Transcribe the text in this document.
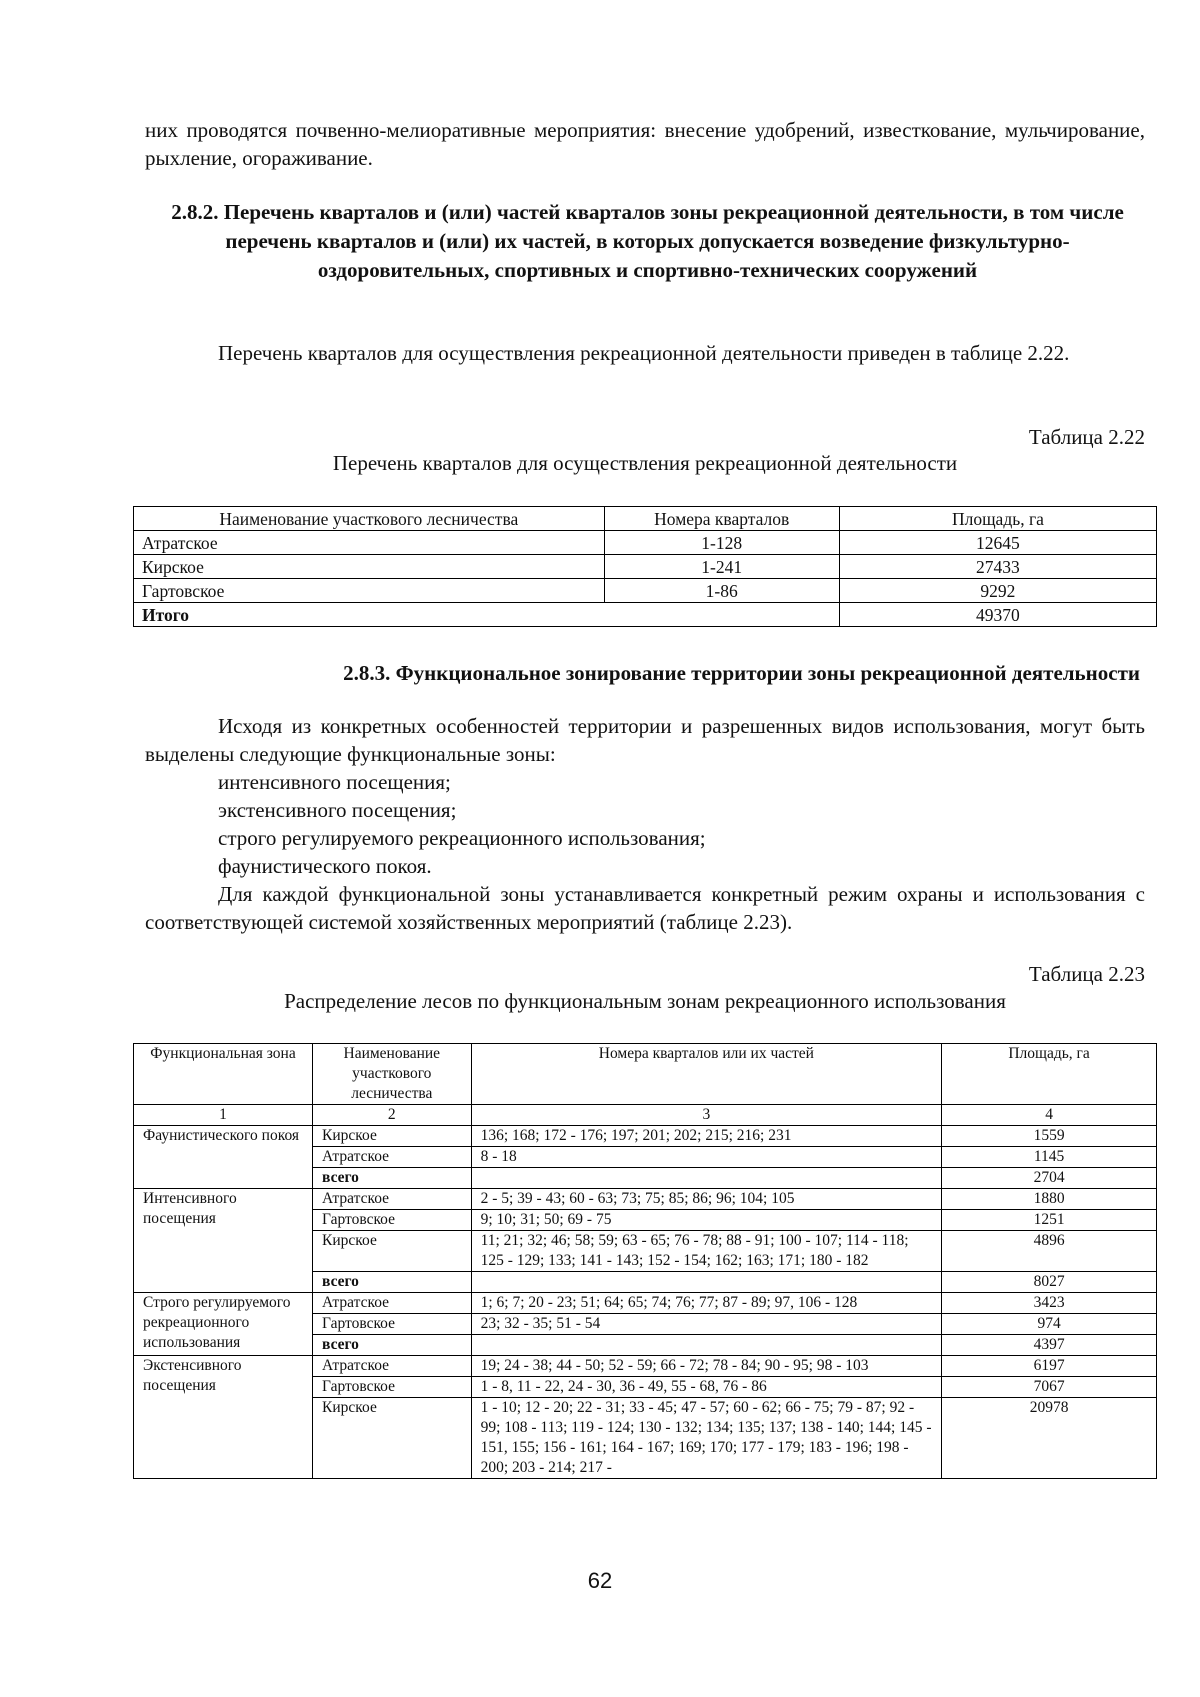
них проводятся почвенно-мелиоративные мероприятия: внесение удобрений, известкование, мульчирование, рыхление, огораживание.

2.8.2. Перечень кварталов и (или) частей кварталов зоны рекреационной деятельности, в том числе перечень кварталов и (или) их частей, в которых допускается возведение физкультурно-оздоровительных, спортивных и спортивно-технических сооружений

Перечень кварталов для осуществления рекреационной деятельности приведен в таблице 2.22.

Таблица 2.22

Перечень кварталов для осуществления рекреационной деятельности

Наименование участкового лесничества	Номера кварталов	Площадь, га
Атратское	1-128	12645
Кирское	1-241	27433
Гартовское	1-86	9292
Итого		49370

2.8.3. Функциональное зонирование территории зоны рекреационной деятельности

Исходя из конкретных особенностей территории и разрешенных видов использования, могут быть выделены следующие функциональные зоны:

интенсивного посещения;

экстенсивного посещения;

строго регулируемого рекреационного использования;

фаунистического покоя.

Для каждой функциональной зоны устанавливается конкретный режим охраны и использования с соответствующей системой хозяйственных мероприятий (таблице 2.23).

Таблица 2.23

Распределение лесов по функциональным зонам рекреационного использования

Функциональная зона	Наименование участкового лесничества	Номера кварталов или их частей	Площадь, га
1	2	3	4
Фаунистического покоя	Кирское	136; 168; 172 - 176; 197; 201; 202; 215; 216; 231	1559
	Атратское	8 - 18	1145
	всего		2704
Интенсивного посещения	Атратское	2 - 5; 39 - 43; 60 - 63; 73; 75; 85; 86; 96; 104; 105	1880
	Гартовское	9; 10; 31; 50; 69 - 75	1251
	Кирское	11; 21; 32; 46; 58; 59; 63 - 65; 76 - 78; 88 - 91; 100 - 107; 114 - 118; 125 - 129; 133; 141 - 143; 152 - 154; 162; 163; 171; 180 - 182	4896
	всего		8027
Строго регулируемого рекреационного использования	Атратское	1; 6; 7; 20 - 23; 51; 64; 65; 74; 76; 77; 87 - 89; 97, 106 - 128	3423
	Гартовское	23; 32 - 35; 51 - 54	974
	всего		4397
Экстенсивного посещения	Атратское	19; 24 - 38; 44 - 50; 52 - 59; 66 - 72; 78 - 84; 90 - 95; 98 - 103	6197
	Гартовское	1 - 8, 11 - 22, 24 - 30, 36 - 49, 55 - 68, 76 - 86	7067
	Кирское	1 - 10; 12 - 20; 22 - 31; 33 - 45; 47 - 57; 60 - 62; 66 - 75; 79 - 87; 92 - 99; 108 - 113; 119 - 124; 130 - 132; 134; 135; 137; 138 - 140; 144; 145 - 151, 155; 156 - 161; 164 - 167; 169; 170; 177 - 179; 183 - 196; 198 - 200; 203 - 214; 217 -	20978
62
